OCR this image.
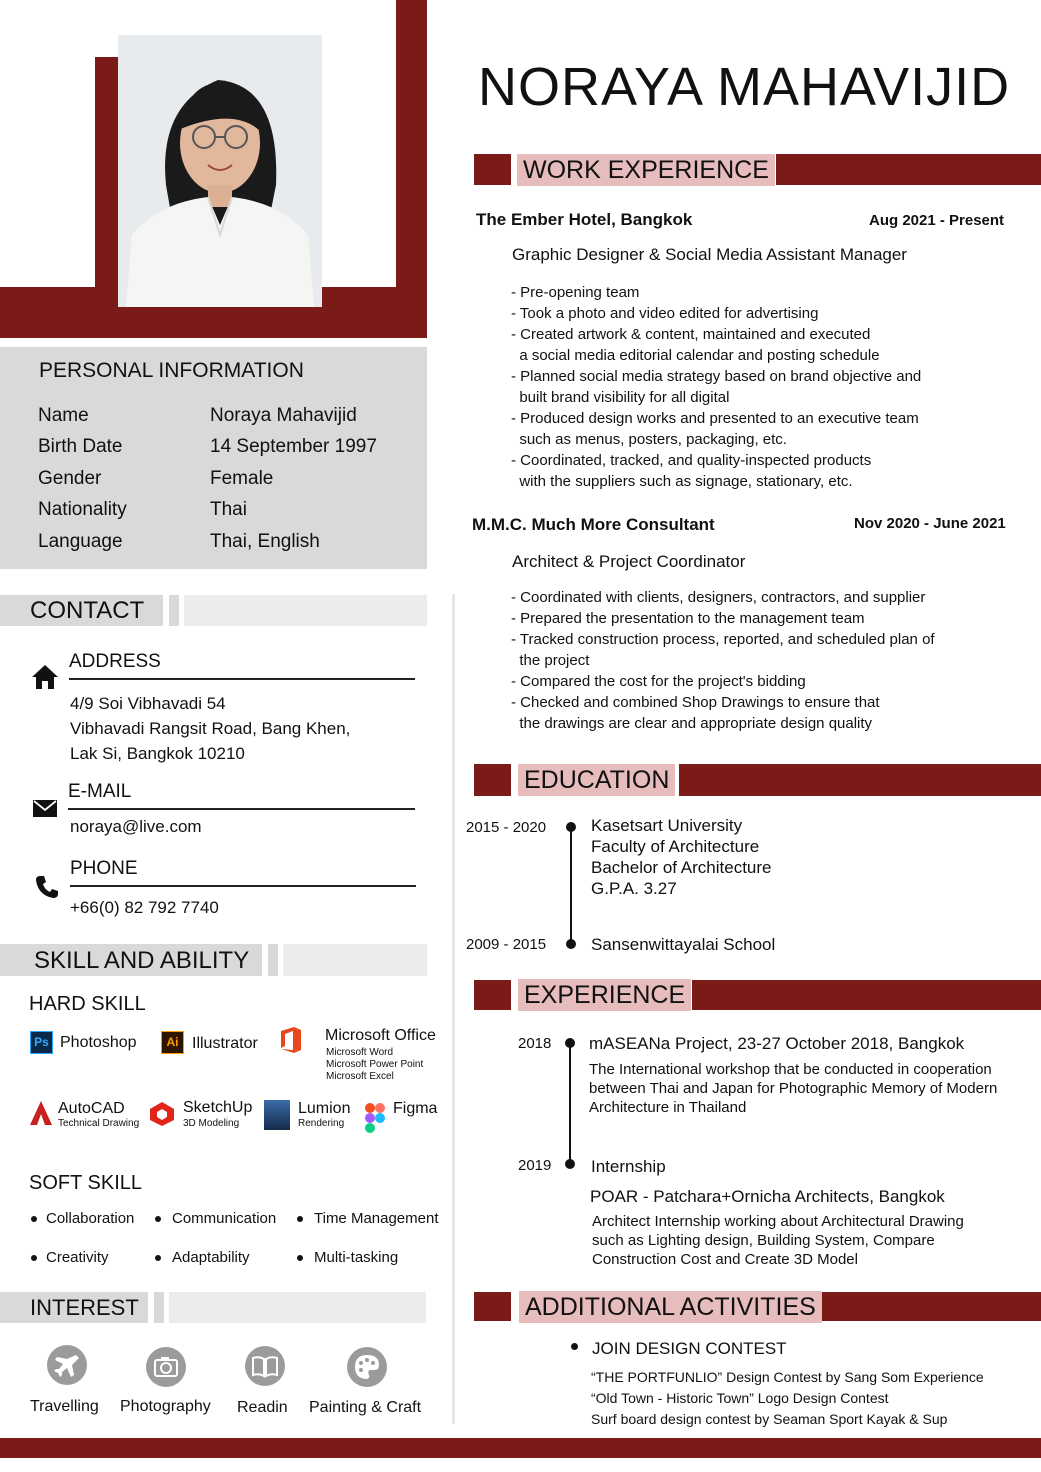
NORAYA MAHAVIJID
PERSONAL INFORMATION
Name	Noraya Mahavijid
Birth Date	14 September 1997
Gender	Female
Nationality	Thai
Language	Thai, English
CONTACT
ADDRESS
4/9 Soi Vibhavadi 54
Vibhavadi Rangsit Road, Bang Khen,
Lak Si, Bangkok 10210
E-MAIL
noraya@live.com
PHONE
+66(0) 82 792 7740
SKILL AND ABILITY
HARD SKILL
Ps Photoshop	Ai Illustrator	Microsoft Office
Microsoft Word
Microsoft Power Point
Microsoft Excel
AutoCAD
Technical Drawing
SketchUp
3D Modeling
Lumion
Rendering
Figma
SOFT SKILL
Collaboration	Communication	Time Management
Creativity	Adaptability	Multi-tasking
INTEREST
Travelling Photography Readin Painting & Craft
WORK EXPERIENCE
The Ember Hotel, Bangkok	Aug 2021 - Present
Graphic Designer & Social Media Assistant Manager
- Pre-opening team
- Took a photo and video edited for advertising
- Created artwork & content, maintained and executed
a social media editorial calendar and posting schedule
- Planned social media strategy based on brand objective and
built brand visibility for all digital
- Produced design works and presented to an executive team
such as menus, posters, packaging, etc.
- Coordinated, tracked, and quality-inspected products
with the suppliers such as signage, stationary, etc.
M.M.C. Much More Consultant	Nov 2020 - June 2021
Architect & Project Coordinator
- Coordinated with clients, designers, contractors, and supplier
- Prepared the presentation to the management team
- Tracked construction process, reported, and scheduled plan of
the project
- Compared the cost for the project's bidding
- Checked and combined Shop Drawings to ensure that
the drawings are clear and appropriate design quality
EDUCATION
2015 - 2020	Kasetsart University
Faculty of Architecture
Bachelor of Architecture
G.P.A. 3.27
2009 - 2015	Sansenwittayalai School
EXPERIENCE
2018 mASEANa Project, 23-27 October 2018, Bangkok
The International workshop that be conducted in cooperation
between Thai and Japan for Photographic Memory of Modern
Architecture in Thailand
2019 Internship
POAR - Patchara+Ornicha Architects, Bangkok
Architect Internship working about Architectural Drawing
such as Lighting design, Building System, Compare
Construction Cost and Create 3D Model
ADDITIONAL ACTIVITIES
JOIN DESIGN CONTEST
“THE PORTFUNLIO” Design Contest by Sang Som Experience
“Old Town - Historic Town” Logo Design Contest
Surf board design contest by Seaman Sport Kayak & Sup
